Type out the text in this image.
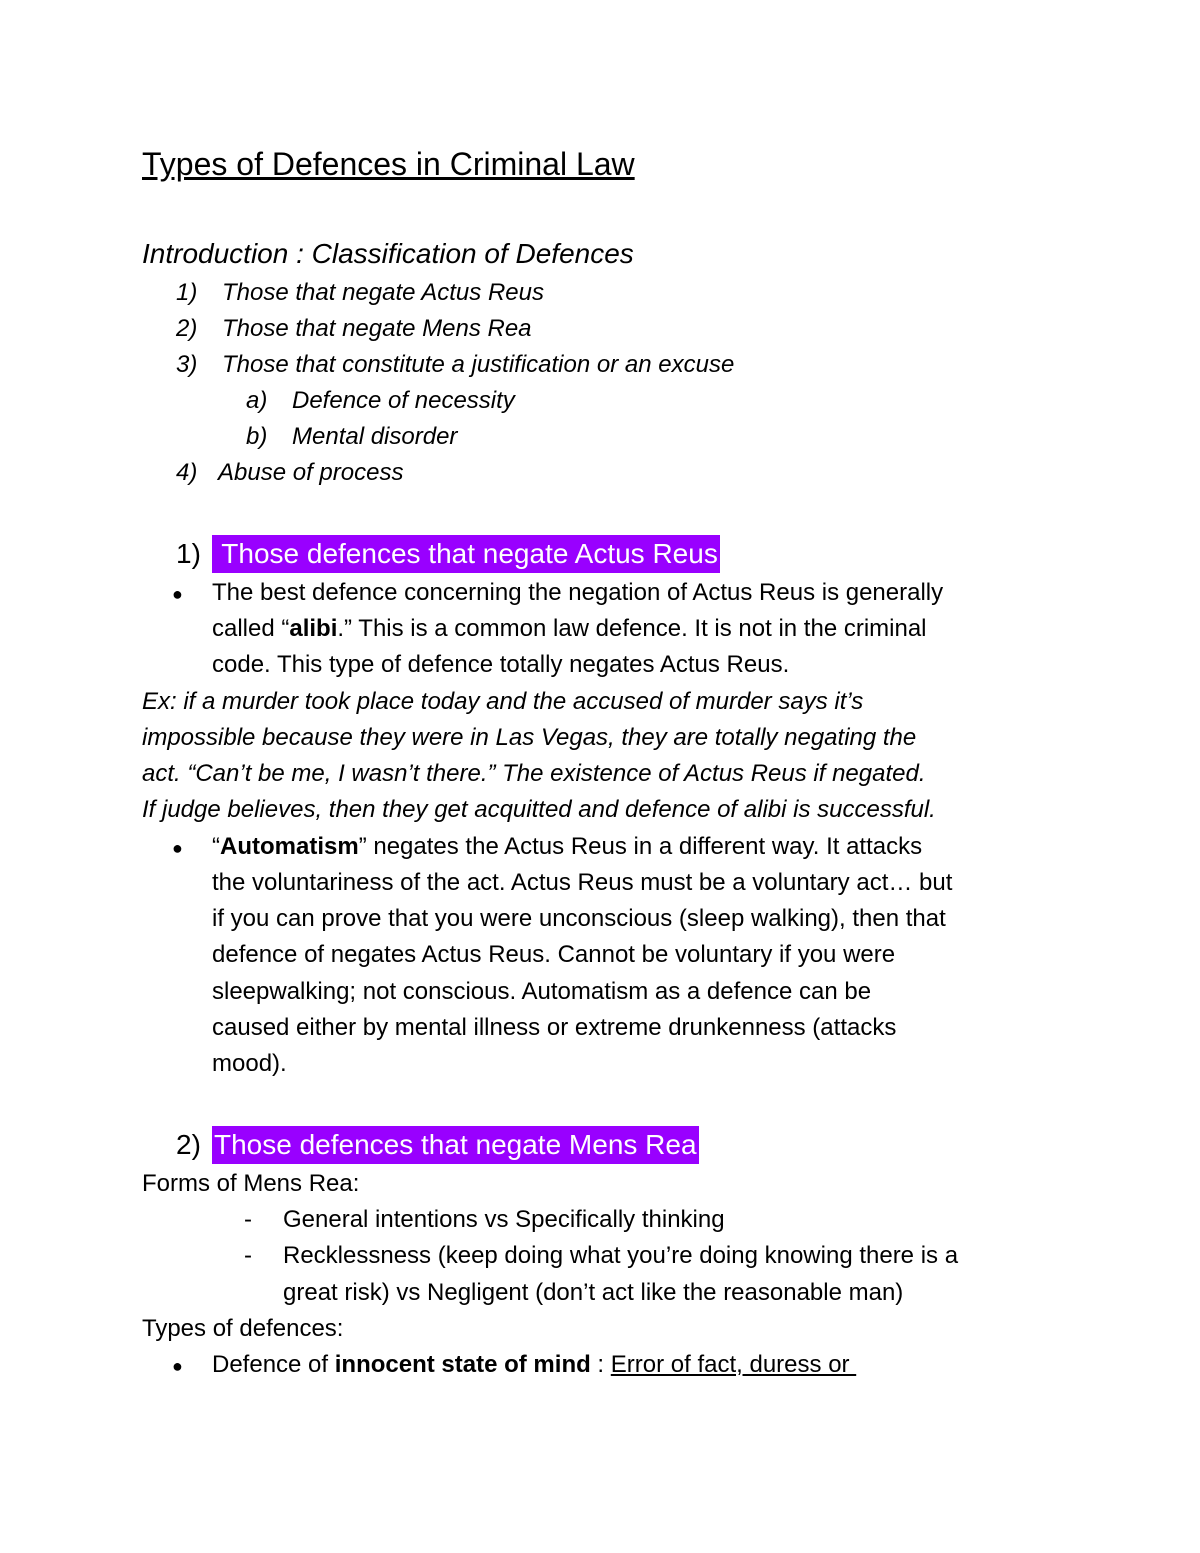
Types of Defences in Criminal Law
Introduction : Classification of Defences
1) Those that negate Actus Reus
2) Those that negate Mens Rea
3) Those that constitute a justification or an excuse
a) Defence of necessity
b) Mental disorder
4) Abuse of process
1) Those defences that negate Actus Reus
● The best defence concerning the negation of Actus Reus is generally
called “alibi.” This is a common law defence. It is not in the criminal
code. This type of defence totally negates Actus Reus.
Ex: if a murder took place today and the accused of murder says it’s
impossible because they were in Las Vegas, they are totally negating the
act. “Can’t be me, I wasn’t there.” The existence of Actus Reus if negated.
If judge believes, then they get acquitted and defence of alibi is successful.
● “Automatism” negates the Actus Reus in a different way. It attacks
the voluntariness of the act. Actus Reus must be a voluntary act… but
if you can prove that you were unconscious (sleep walking), then that
defence of negates Actus Reus. Cannot be voluntary if you were
sleepwalking; not conscious. Automatism as a defence can be
caused either by mental illness or extreme drunkenness (attacks
mood).
2) Those defences that negate Mens Rea
Forms of Mens Rea:
- General intentions vs Specifically thinking
- Recklessness (keep doing what you’re doing knowing there is a
great risk) vs Negligent (don’t act like the reasonable man)
Types of defences:
● Defence of innocent state of mind : Error of fact, duress or
